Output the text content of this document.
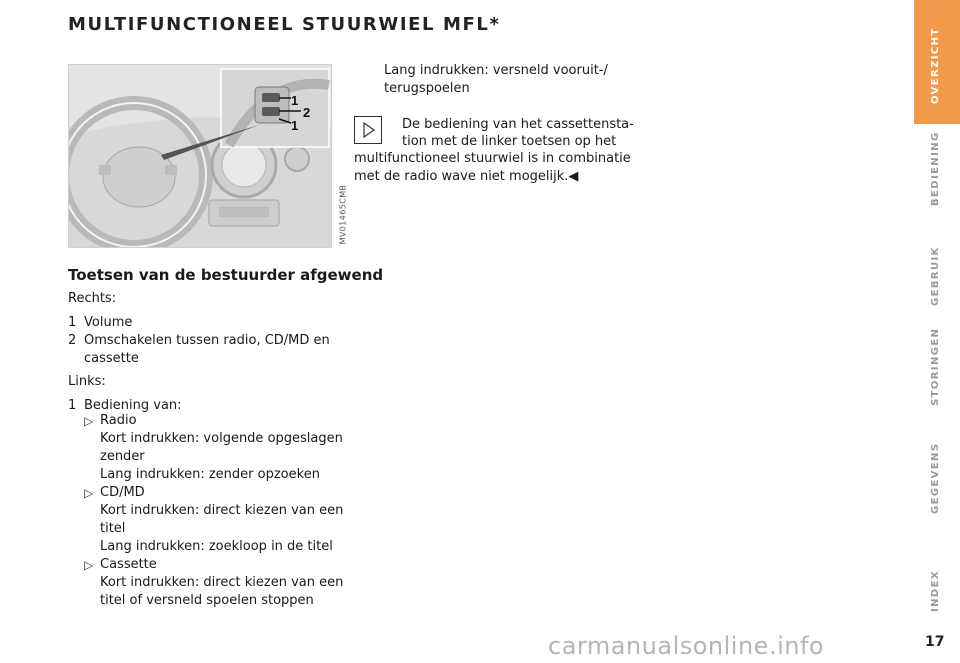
MULTIFUNCTIONEEL STUURWIEL MFL*
1
2
1
MV01465CMB
Toetsen van de bestuurder afgewend
Rechts:
1 Volume
2 Omschakelen tussen radio, CD/MD en
cassette
Links:
1 Bediening van:
▷ Radio
Kort indrukken: volgende opgeslagen
zender
Lang indrukken: zender opzoeken
▷ CD/MD
Kort indrukken: direct kiezen van een
titel
Lang indrukken: zoekloop in de titel
▷ Cassette
Kort indrukken: direct kiezen van een
titel of versneld spoelen stoppen
Lang indrukken: versneld vooruit-/
terugspoelen
De bediening van het cassettensta-
tion met de linker toetsen op het
multifunctioneel stuurwiel is in combinatie
met de radio wave niet mogelijk.◀
OVERZICHT
BEDIENING
GEBRUIK
STORINGEN
GEGEVENS
INDEX
17
carmanualsonline.info
